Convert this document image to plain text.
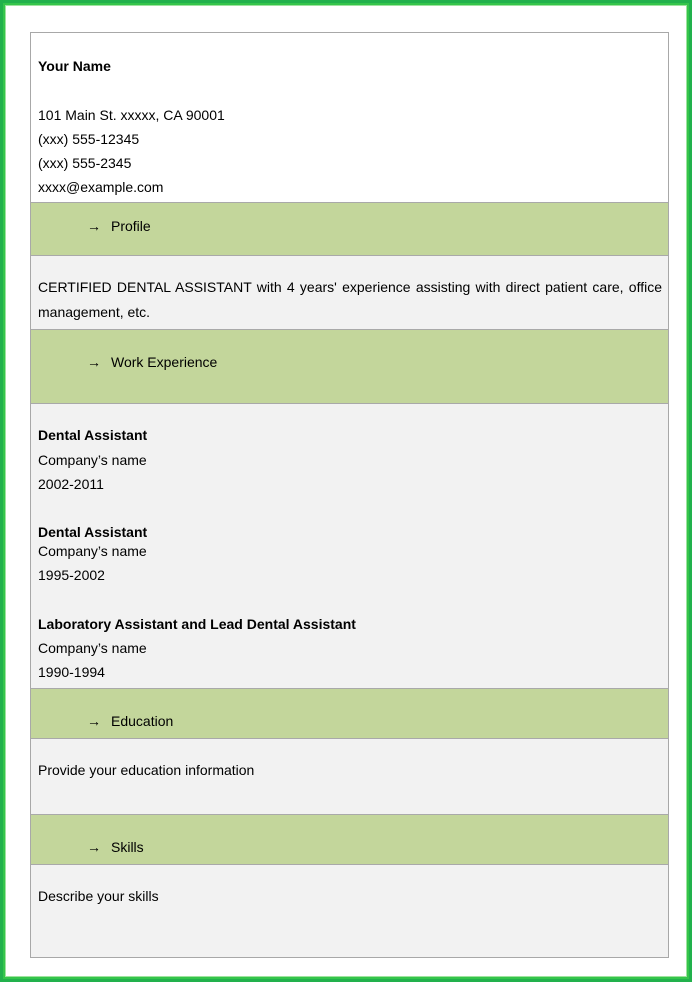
Your Name
101 Main St. xxxxx, CA 90001
(xxx) 555-12345
(xxx) 555-2345
xxxx@example.com
→ Profile
CERTIFIED DENTAL ASSISTANT with 4 years' experience assisting with direct patient care, office management, etc.
→ Work Experience
Dental Assistant
Company’s name
2002-2011
Dental Assistant
Company’s name
1995-2002
Laboratory Assistant and Lead Dental Assistant
Company’s name
1990-1994
→ Education
Provide your education information
→ Skills
Describe your skills
